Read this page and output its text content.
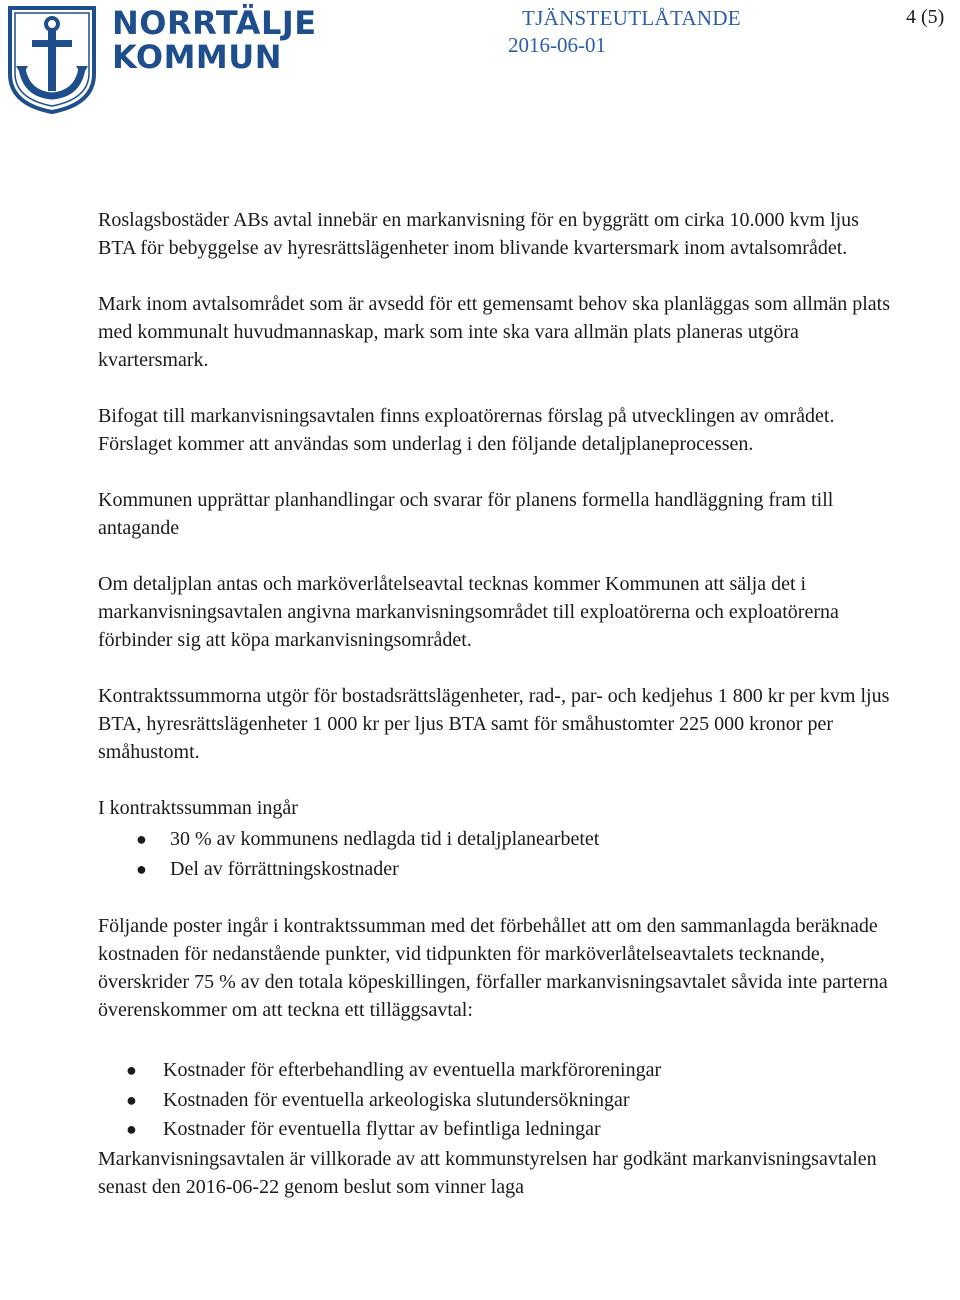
NORRTÄLJE
KOMMUN
TJÄNSTEUTLÅTANDE
2016-06-01
4 (5)

Roslagsbostäder ABs avtal innebär en markanvisning för en byggrätt om cirka 10.000 kvm ljus BTA för bebyggelse av hyresrättslägenheter inom blivande kvartersmark inom avtalsområdet.

Mark inom avtalsområdet som är avsedd för ett gemensamt behov ska planläggas som allmän plats med kommunalt huvudmannaskap, mark som inte ska vara allmän plats planeras utgöra kvartersmark.

Bifogat till markanvisningsavtalen finns exploatörernas förslag på utvecklingen av området. Förslaget kommer att användas som underlag i den följande detaljplaneprocessen.

Kommunen upprättar planhandlingar och svarar för planens formella handläggning fram till antagande

Om detaljplan antas och marköverlåtelseavtal tecknas kommer Kommunen att sälja det i markanvisningsavtalen angivna markanvisningsområdet till exploatörerna och exploatörerna förbinder sig att köpa markanvisningsområdet.

Kontraktssummorna utgör för bostadsrättslägenheter, rad-, par- och kedjehus 1 800 kr per kvm ljus BTA, hyresrättslägenheter 1 000 kr per ljus BTA samt för småhustomter 225 000 kronor per småhustomt.

I kontraktssumman ingår

● 30 % av kommunens nedlagda tid i detaljplanearbetet
● Del av förrättningskostnader

Följande poster ingår i kontraktssumman med det förbehållet att om den sammanlagda beräknade kostnaden för nedanstående punkter, vid tidpunkten för marköverlåtelseavtalets tecknande, överskrider 75 % av den totala köpeskillingen, förfaller markanvisningsavtalet såvida inte parterna överenskommer om att teckna ett tilläggsavtal:

● Kostnader för efterbehandling av eventuella markföroreningar
● Kostnaden för eventuella arkeologiska slutundersökningar
● Kostnader för eventuella flyttar av befintliga ledningar

Markanvisningsavtalen är villkorade av att kommunstyrelsen har godkänt markanvisningsavtalen senast den 2016-06-22 genom beslut som vinner laga
